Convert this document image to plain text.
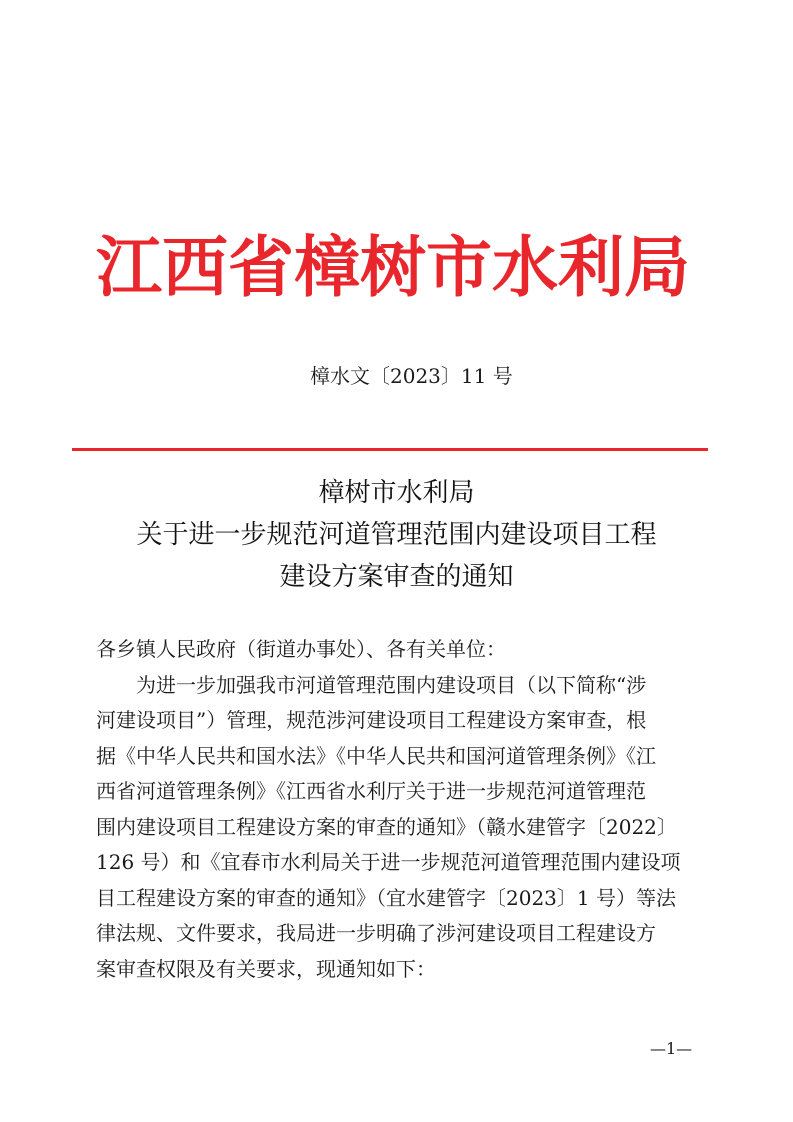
江西省樟树市水利局
樟水文〔2023〕11 号
樟树市水利局
关于进一步规范河道管理范围内建设项目工程
建设方案审查的通知
各乡镇人民政府（街道办事处）、各有关单位：
为进一步加强我市河道管理范围内建设项目（以下简称“涉
河建设项目”）管理，规范涉河建设项目工程建设方案审查，根
据《中华人民共和国水法》《中华人民共和国河道管理条例》《江
西省河道管理条例》《江西省水利厅关于进一步规范河道管理范
围内建设项目工程建设方案的审查的通知》（赣水建管字〔2022〕
126 号）和《宜春市水利局关于进一步规范河道管理范围内建设项
目工程建设方案的审查的通知》（宜水建管字〔2023〕1 号）等法
律法规、文件要求，我局进一步明确了涉河建设项目工程建设方
案审查权限及有关要求，现通知如下：
—1—
